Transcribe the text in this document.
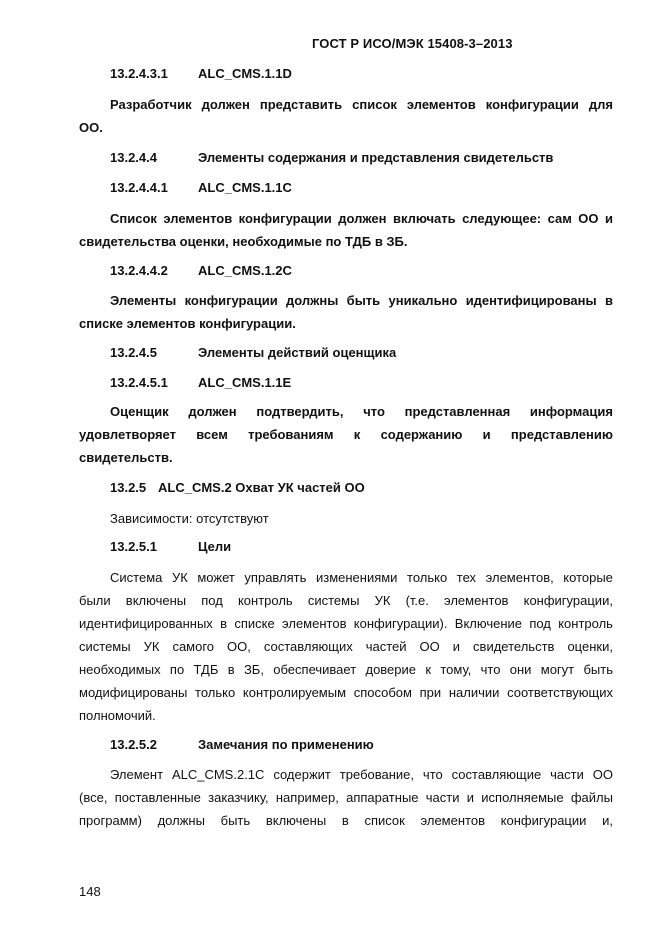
ГОСТ Р ИСО/МЭК 15408-3–2013
13.2.4.3.1 ALC_CMS.1.1D
Разработчик должен представить список элементов конфигурации для
ОО.
13.2.4.4	Элементы содержания и представления свидетельств
13.2.4.4.1 ALC_CMS.1.1C
Список элементов конфигурации должен включать следующее: сам ОО и
свидетельства оценки, необходимые по ТДБ в ЗБ.
13.2.4.4.2 ALC_CMS.1.2C
Элементы конфигурации должны быть уникально идентифицированы в
списке элементов конфигурации.
13.2.4.5	Элементы действий оценщика
13.2.4.5.1 ALC_CMS.1.1E
Оценщик должен подтвердить, что представленная информация
удовлетворяет всем требованиям к содержанию и представлению
свидетельств.
13.2.5 ALC_CMS.2 Охват УК частей ОО
Зависимости: отсутствуют
13.2.5.1	Цели
Система УК может управлять изменениями только тех элементов, которые
были включены под контроль системы УК (т.е. элементов конфигурации,
идентифицированных в списке элементов конфигурации). Включение под контроль
системы УК самого ОО, составляющих частей ОО и свидетельств оценки,
необходимых по ТДБ в ЗБ, обеспечивает доверие к тому, что они могут быть
модифицированы только контролируемым способом при наличии соответствующих
полномочий.
13.2.5.2	Замечания по применению
Элемент ALC_CMS.2.1C содержит требование, что составляющие части ОО
(все, поставленные заказчику, например, аппаратные части и исполняемые файлы
программ) должны быть включены в список элементов конфигурации и,
148
